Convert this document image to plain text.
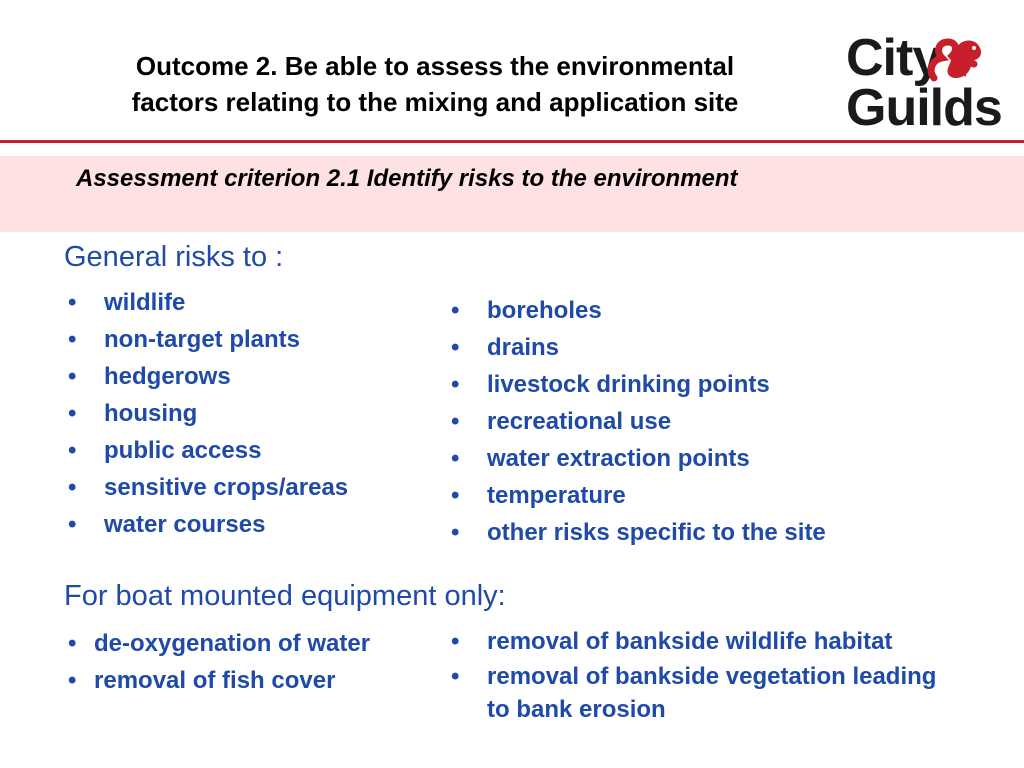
Outcome 2. Be able to assess the environmental
factors relating to the mixing and application site
City
Guilds
Assessment criterion 2.1 Identify risks to the environment
General risks to :
• wildlife
• non-target plants
• hedgerows
• housing
• public access
• sensitive crops/areas
• water courses
• boreholes
• drains
• livestock drinking points
• recreational use
• water extraction points
• temperature
• other risks specific to the site
For boat mounted equipment only:
• de-oxygenation of water
• removal of fish cover
• removal of bankside wildlife habitat
• removal of bankside vegetation leading to bank erosion
